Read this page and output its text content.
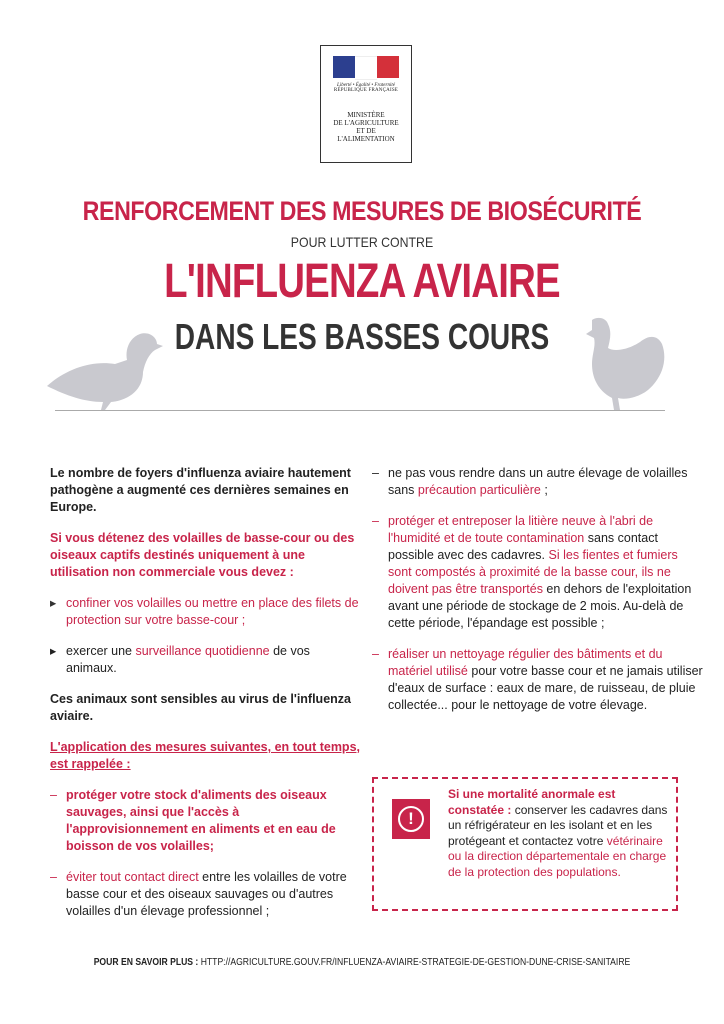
Liberté • Égalité • Fraternité
RÉPUBLIQUE FRANÇAISE
MINISTÈRE
DE L'AGRICULTURE
ET DE
L'ALIMENTATION
RENFORCEMENT DES MESURES DE BIOSÉCURITÉ
POUR LUTTER CONTRE
L'INFLUENZA AVIAIRE
DANS LES BASSES COURS

Le nombre de foyers d'influenza aviaire hautement pathogène a augmenté ces dernières semaines en Europe.

Si vous détenez des volailles de basse-cour ou des oiseaux captifs destinés uniquement à une utilisation non commerciale vous devez :

▸ confiner vos volailles ou mettre en place des filets de protection sur votre basse-cour ;

▸ exercer une surveillance quotidienne de vos animaux.

Ces animaux sont sensibles au virus de l'influenza aviaire.

L'application des mesures suivantes, en tout temps, est rappelée :

– protéger votre stock d'aliments des oiseaux sauvages, ainsi que l'accès à l'approvisionnement en aliments et en eau de boisson de vos volailles;

– éviter tout contact direct entre les volailles de votre basse cour et des oiseaux sauvages ou d'autres volailles d'un élevage professionnel ;

– ne pas vous rendre dans un autre élevage de volailles sans précaution particulière ;

– protéger et entreposer la litière neuve à l'abri de l'humidité et de toute contamination sans contact possible avec des cadavres. Si les fientes et fumiers sont compostés à proximité de la basse cour, ils ne doivent pas être transportés en dehors de l'exploitation avant une période de stockage de 2 mois. Au-delà de cette période, l'épandage est possible ;

– réaliser un nettoyage régulier des bâtiments et du matériel utilisé pour votre basse cour et ne jamais utiliser d'eaux de surface : eaux de mare, de ruisseau, de pluie collectée... pour le nettoyage de votre élevage.

!
Si une mortalité anormale est constatée : conserver les cadavres dans un réfrigérateur en les isolant et en les protégeant et contactez votre vétérinaire ou la direction départementale en charge de la protection des populations.
POUR EN SAVOIR PLUS : HTTP://AGRICULTURE.GOUV.FR/INFLUENZA-AVIAIRE-STRATEGIE-DE-GESTION-DUNE-CRISE-SANITAIRE
